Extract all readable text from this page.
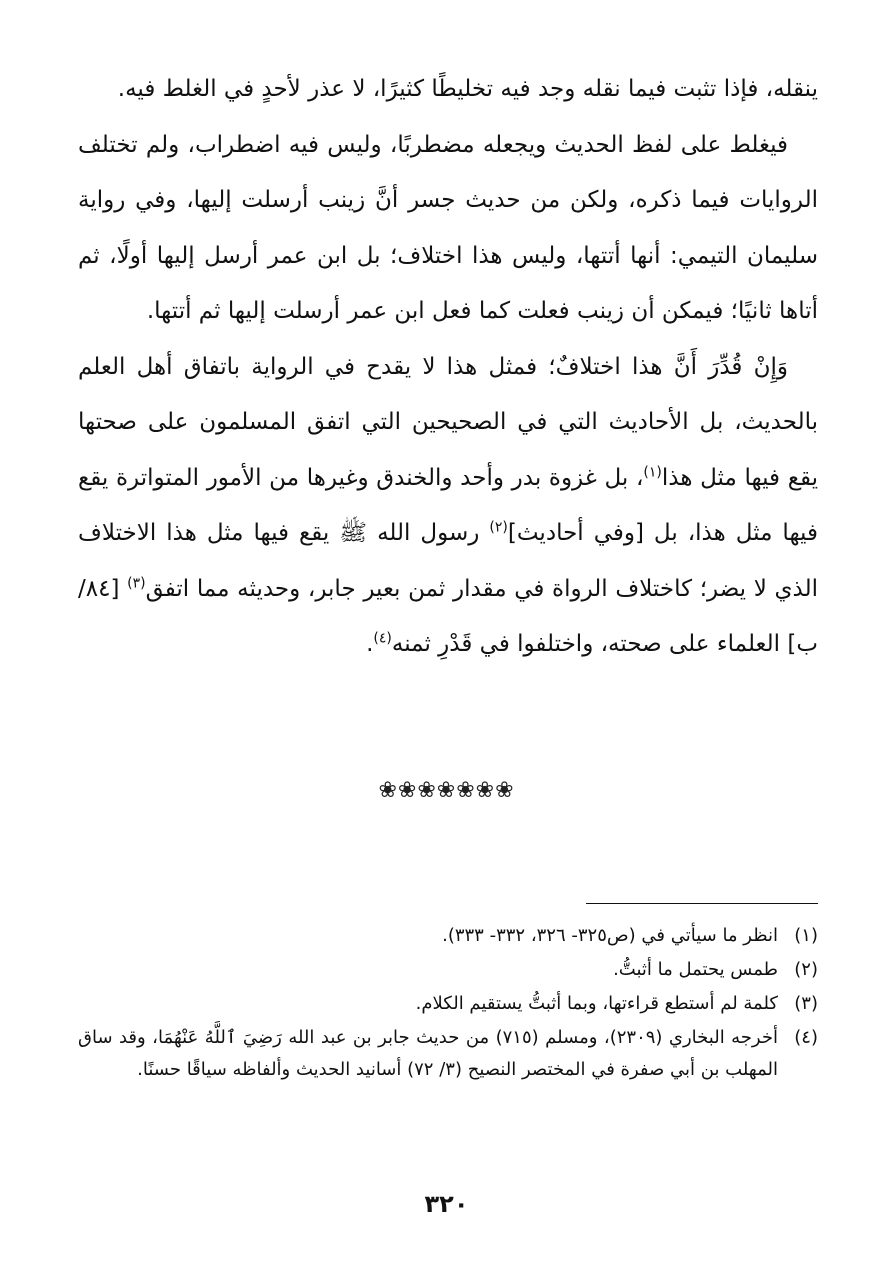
ينقله، فإذا تثبت فيما نقله وجد فيه تخليطًا كثيرًا، لا عذر لأحدٍ في الغلط فيه.

فيغلط على لفظ الحديث ويجعله مضطربًا، وليس فيه اضطراب، ولم تختلف الروايات فيما ذكره، ولكن من حديث جسر أنَّ زينب أرسلت إليها، وفي رواية سليمان التيمي: أنها أتتها، وليس هذا اختلاف؛ بل ابن عمر أرسل إليها أولًا، ثم أتاها ثانيًا؛ فيمكن أن زينب فعلت كما فعل ابن عمر أرسلت إليها ثم أتتها.

وَإِنْ قُدِّرَ أَنَّ هذا اختلافٌ؛ فمثل هذا لا يقدح في الرواية باتفاق أهل العلم بالحديث، بل الأحاديث التي في الصحيحين التي اتفق المسلمون على صحتها يقع فيها مثل هذا$^{(١)}$، بل غزوة بدر وأحد والخندق وغيرها من الأمور المتواترة يقع فيها مثل هذا، بل [وفي أحاديث]$^{(٢)}$ رسول الله ﷺ يقع فيها مثل هذا الاختلاف الذي لا يضر؛ كاختلاف الرواة في مقدار ثمن بعير جابر، وحديثه مما اتفق$^{(٣)}$ [٨٤/ ب] العلماء على صحته، واختلفوا في قَدْرِ ثمنه$^{(٤)}$.

❀❀❀❀❀❀❀
(١)
انظر ما سيأتي في (ص٣٢٥- ٣٢٦، ٣٣٢- ٣٣٣).
(٢)
طمس يحتمل ما أثبتُّ.
(٣)
كلمة لم أستطع قراءتها، وبما أثبتُّ يستقيم الكلام.
(٤)
أخرجه البخاري (٢٣٠٩)، ومسلم (٧١٥) من حديث جابر بن عبد الله رَضِيَ ٱللَّهُ عَنْهُمَا، وقد ساق المهلب بن أبي صفرة في المختصر النصيح (٣/ ٧٢) أسانيد الحديث وألفاظه سياقًا حسنًا.
٣٢٠
